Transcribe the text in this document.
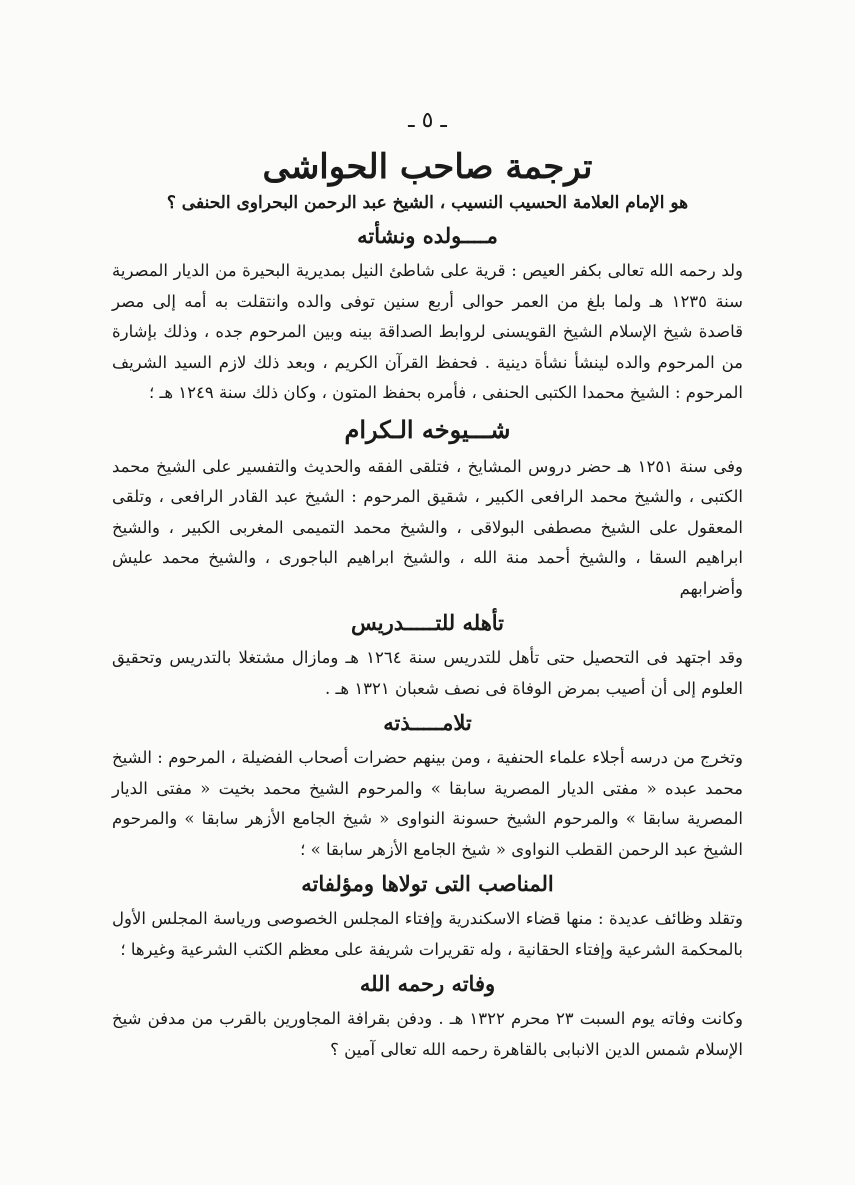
ـ ٥ ـ
ترجمة صاحب الحواشى

هو الإمام العلامة الحسيب النسيب ، الشيخ عبد الرحمن البحراوى الحنفى ؟

مــــولده ونشأته

ولد رحمه الله تعالى بكفر العيص : قرية على شاطئ النيل بمديرية البحيرة من الديار المصرية سنة ١٢٣٥ هـ ولما بلغ من العمر حوالى أربع سنين توفى والده وانتقلت به أمه إلى مصر قاصدة شيخ الإسلام الشيخ القويسنى لروابط الصداقة بينه وبين المرحوم جده ، وذلك بإشارة من المرحوم والده لينشأ نشأة دينية . فحفظ القرآن الكريم ، وبعد ذلك لازم السيد الشريف المرحوم : الشيخ محمدا الكتبى الحنفى ، فأمره بحفظ المتون ، وكان ذلك سنة ١٢٤٩ هـ ؛

شـــيوخه الـكرام

وفى سنة ١٢٥١ هـ حضر دروس المشايخ ، فتلقى الفقه والحديث والتفسير على الشيخ محمد الكتبى ، والشيخ محمد الرافعى الكبير ، شقيق المرحوم : الشيخ عبد القادر الرافعى ، وتلقى المعقول على الشيخ مصطفى البولاقى ، والشيخ محمد التميمى المغربى الكبير ، والشيخ ابراهيم السقا ، والشيخ أحمد منة الله ، والشيخ ابراهيم الباجورى ، والشيخ محمد عليش وأضرابهم

تأهله للتـــــدريس

وقد اجتهد فى التحصيل حتى تأهل للتدريس سنة ١٢٦٤ هـ ومازال مشتغلا بالتدريس وتحقيق العلوم إلى أن أصيب بمرض الوفاة فى نصف شعبان ١٣٢١ هـ .

تلامـــــذته

وتخرج من درسه أجلاء علماء الحنفية ، ومن بينهم حضرات أصحاب الفضيلة ، المرحوم : الشيخ محمد عبده « مفتى الديار المصرية سابقا » والمرحوم الشيخ محمد بخيت « مفتى الديار المصرية سابقا » والمرحوم الشيخ حسونة النواوى « شيخ الجامع الأزهر سابقا » والمرحوم الشيخ عبد الرحمن القطب النواوى « شيخ الجامع الأزهر سابقا » ؛

المناصب التى تولاها ومؤلفاته

وتقلد وظائف عديدة : منها قضاء الاسكندرية وإفتاء المجلس الخصوصى ورياسة المجلس الأول بالمحكمة الشرعية وإفتاء الحقانية ، وله تقريرات شريفة على معظم الكتب الشرعية وغيرها ؛

وفاته رحمه الله

وكانت وفاته يوم السبت ٢٣ محرم ١٣٢٢ هـ . ودفن بقرافة المجاورين بالقرب من مدفن شيخ الإسلام شمس الدين الانبابى بالقاهرة رحمه الله تعالى آمين ؟
